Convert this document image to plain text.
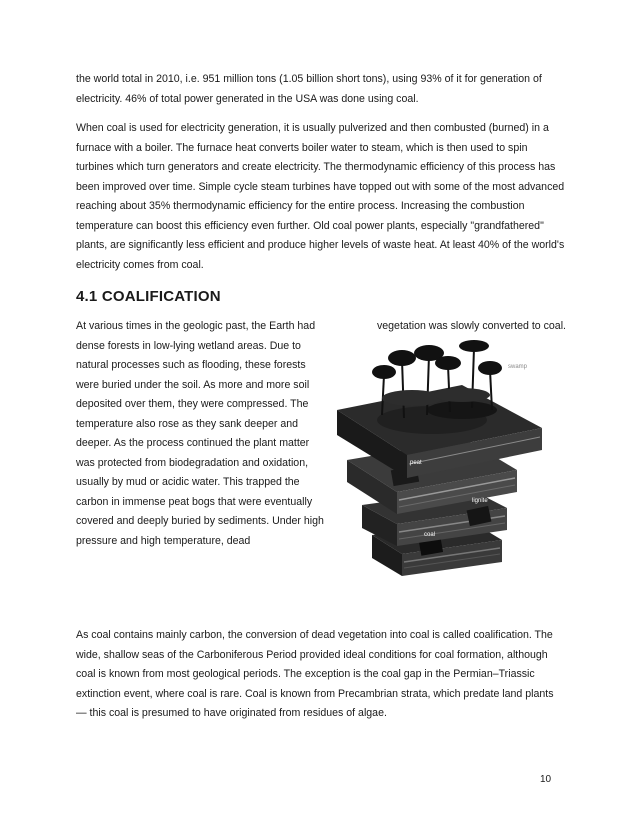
the world total in 2010, i.e. 951 million tons (1.05 billion short tons), using 93% of it for generation of electricity. 46% of total power generated in the USA was done using coal.

When coal is used for electricity generation, it is usually pulverized and then combusted (burned) in a furnace with a boiler. The furnace heat converts boiler water to steam, which is then used to spin turbines which turn generators and create electricity. The thermodynamic efficiency of this process has been improved over time. Simple cycle steam turbines have topped out with some of the most advanced reaching about 35% thermodynamic efficiency for the entire process. Increasing the combustion temperature can boost this efficiency even further. Old coal power plants, especially "grandfathered" plants, are significantly less efficient and produce higher levels of waste heat. At least 40% of the world's electricity comes from coal.

4.1 COALIFICATION

At various times in the geologic past, the Earth had dense forests in low-lying wetland areas. Due to natural processes such as flooding, these forests were buried under the soil. As more and more soil deposited over them, they were compressed. The temperature also rose as they sank deeper and deeper. As the process continued the plant matter was protected from biodegradation and oxidation, usually by mud or acidic water. This trapped the carbon in immense peat bogs that were eventually covered and deeply buried by sediments. Under high pressure and high temperature, dead

vegetation was slowly converted to coal.

swamp
peat
lignite
coal

As coal contains mainly carbon, the conversion of dead vegetation into coal is called coalification. The wide, shallow seas of the Carboniferous Period provided ideal conditions for coal formation, although coal is known from most geological periods. The exception is the coal gap in the Permian–Triassic extinction event, where coal is rare. Coal is known from Precambrian strata, which predate land plants — this coal is presumed to have originated from residues of algae.

10
